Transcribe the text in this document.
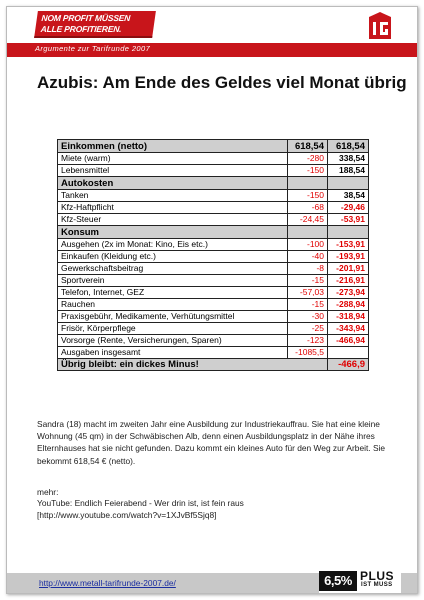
NOM PROFIT MÜSSEN
ALLE PROFITIEREN.
Argumente zur Tarifrunde 2007
Azubis: Am Ende des Geldes viel Monat übrig
Einkommen (netto)	618,54	618,54
Miete (warm)	-280	338,54
Lebensmittel	-150	188,54
Autokosten		
Tanken	-150	38,54
Kfz-Haftpflicht	-68	-29,46
Kfz-Steuer	-24,45	-53,91
Konsum		
Ausgehen (2x im Monat: Kino, Eis etc.)	-100	-153,91
Einkaufen (Kleidung etc.)	-40	-193,91
Gewerkschaftsbeitrag	-8	-201,91
Sportverein	-15	-216,91
Telefon, Internet, GEZ	-57,03	-273,94
Rauchen	-15	-288,94
Praxisgebühr, Medikamente, Verhütungsmittel	-30	-318,94
Frisör, Körperpflege	-25	-343,94
Vorsorge (Rente, Versicherungen, Sparen)	-123	-466,94
Ausgaben insgesamt	-1085,5	
Übrig bleibt: ein dickes Minus!		-466,9
Sandra (18) macht im zweiten Jahr eine Ausbildung zur Industriekauffrau. Sie hat eine kleine Wohnung (45 qm) in der Schwäbischen Alb, denn einen Ausbildungsplatz in der Nähe ihres Elternhauses hat sie nicht gefunden. Dazu kommt ein kleines Auto für den Weg zur Arbeit. Sie bekommt 618,54 € (netto).
mehr:
YouTube: Endlich Feierabend - Wer drin ist, ist fein raus
[http://www.youtube.com/watch?v=1XJvBf5Sjq8]
http://www.metall-tarifrunde-2007.de/	6,5% PLUS
IST MUSS
